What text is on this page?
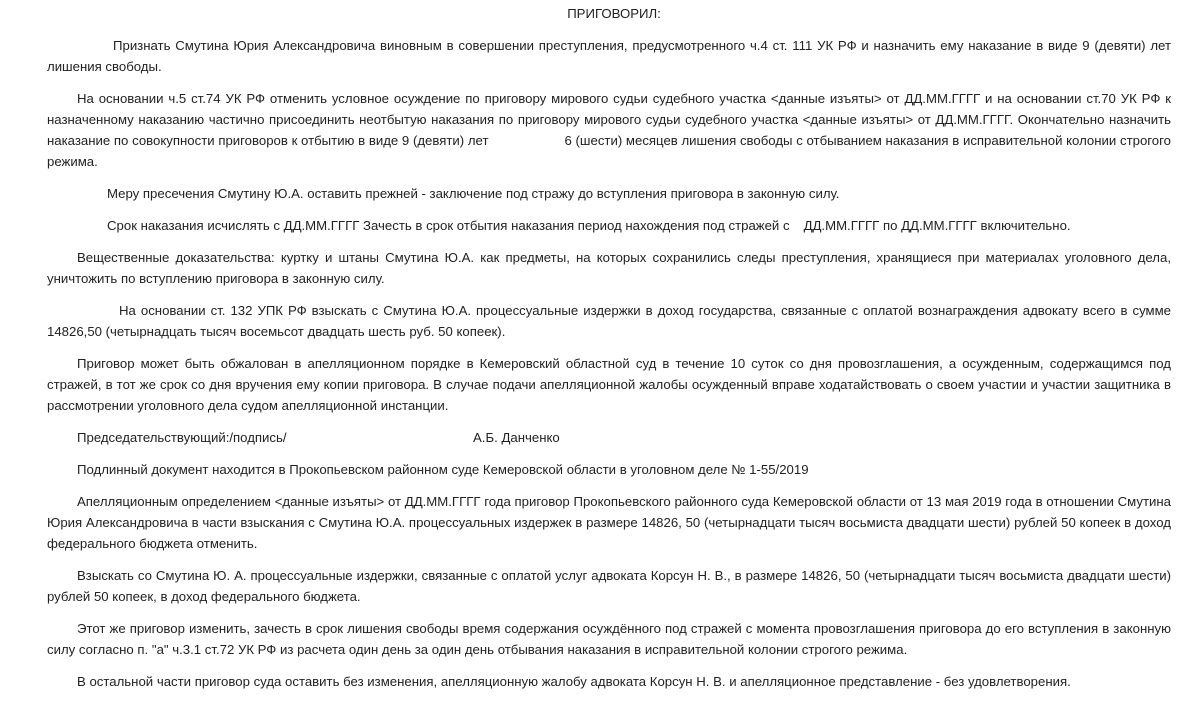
ПРИГОВОРИЛ:
Признать Смутина Юрия Александровича виновным в совершении преступления, предусмотренного ч.4 ст. 111 УК РФ и назначить ему наказание в виде 9 (девяти) лет лишения свободы.
На основании ч.5 ст.74 УК РФ отменить условное осуждение по приговору мирового судьи судебного участка <данные изъяты> от ДД.ММ.ГГГГ и на основании ст.70 УК РФ к назначенному наказанию частично присоединить неотбытую наказания по приговору мирового судьи судебного участка <данные изъяты> от ДД.ММ.ГГГГ. Окончательно назначить наказание по совокупности приговоров к отбытию в виде 9 (девяти) лет	6 (шести) месяцев лишения свободы с отбыванием наказания в исправительной колонии строгого режима.
Меру пресечения Смутину Ю.А. оставить прежней - заключение под стражу до вступления приговора в законную силу.
Срок наказания исчислять с ДД.ММ.ГГГГ Зачесть в срок отбытия наказания период нахождения под стражей с ДД.ММ.ГГГГ по ДД.ММ.ГГГГ включительно.
Вещественные доказательства: куртку и штаны Смутина Ю.А. как предметы, на которых сохранились следы преступления, хранящиеся при материалах уголовного дела, уничтожить по вступлению приговора в законную силу.
На основании ст. 132 УПК РФ взыскать с Смутина Ю.А. процессуальные издержки в доход государства, связанные с оплатой вознаграждения адвокату всего в сумме 14826,50 (четырнадцать тысяч восемьсот двадцать шесть руб. 50 копеек).
Приговор может быть обжалован в апелляционном порядке в Кемеровский областной суд в течение 10 суток со дня провозглашения, а осужденным, содержащимся под стражей, в тот же срок со дня вручения ему копии приговора. В случае подачи апелляционной жалобы осужденный вправе ходатайствовать о своем участии и участии защитника в рассмотрении уголовного дела судом апелляционной инстанции.
Председательствующий:/подпись/	А.Б. Данченко
Подлинный документ находится в Прокопьевском районном суде Кемеровской области в уголовном деле № 1-55/2019
Апелляционным определением <данные изъяты> от ДД.ММ.ГГГГ года приговор Прокопьевского районного суда Кемеровской области от 13 мая 2019 года в отношении Смутина Юрия Александровича в части взыскания с Смутина Ю.А. процессуальных издержек в размере 14826, 50 (четырнадцати тысяч восьмиста двадцати шести) рублей 50 копеек в доход федерального бюджета отменить.
Взыскать со Смутина Ю. А. процессуальные издержки, связанные с оплатой услуг адвоката Корсун Н. В., в размере 14826, 50 (четырнадцати тысяч восьмиста двадцати шести) рублей 50 копеек, в доход федерального бюджета.
Этот же приговор изменить, зачесть в срок лишения свободы время содержания осуждённого под стражей с момента провозглашения приговора до его вступления в законную силу согласно п. "а" ч.3.1 ст.72 УК РФ из расчета один день за один день отбывания наказания в исправительной колонии строгого режима.
В остальной части приговор суда оставить без изменения, апелляционную жалобу адвоката Корсун Н. В. и апелляционное представление - без удовлетворения.
